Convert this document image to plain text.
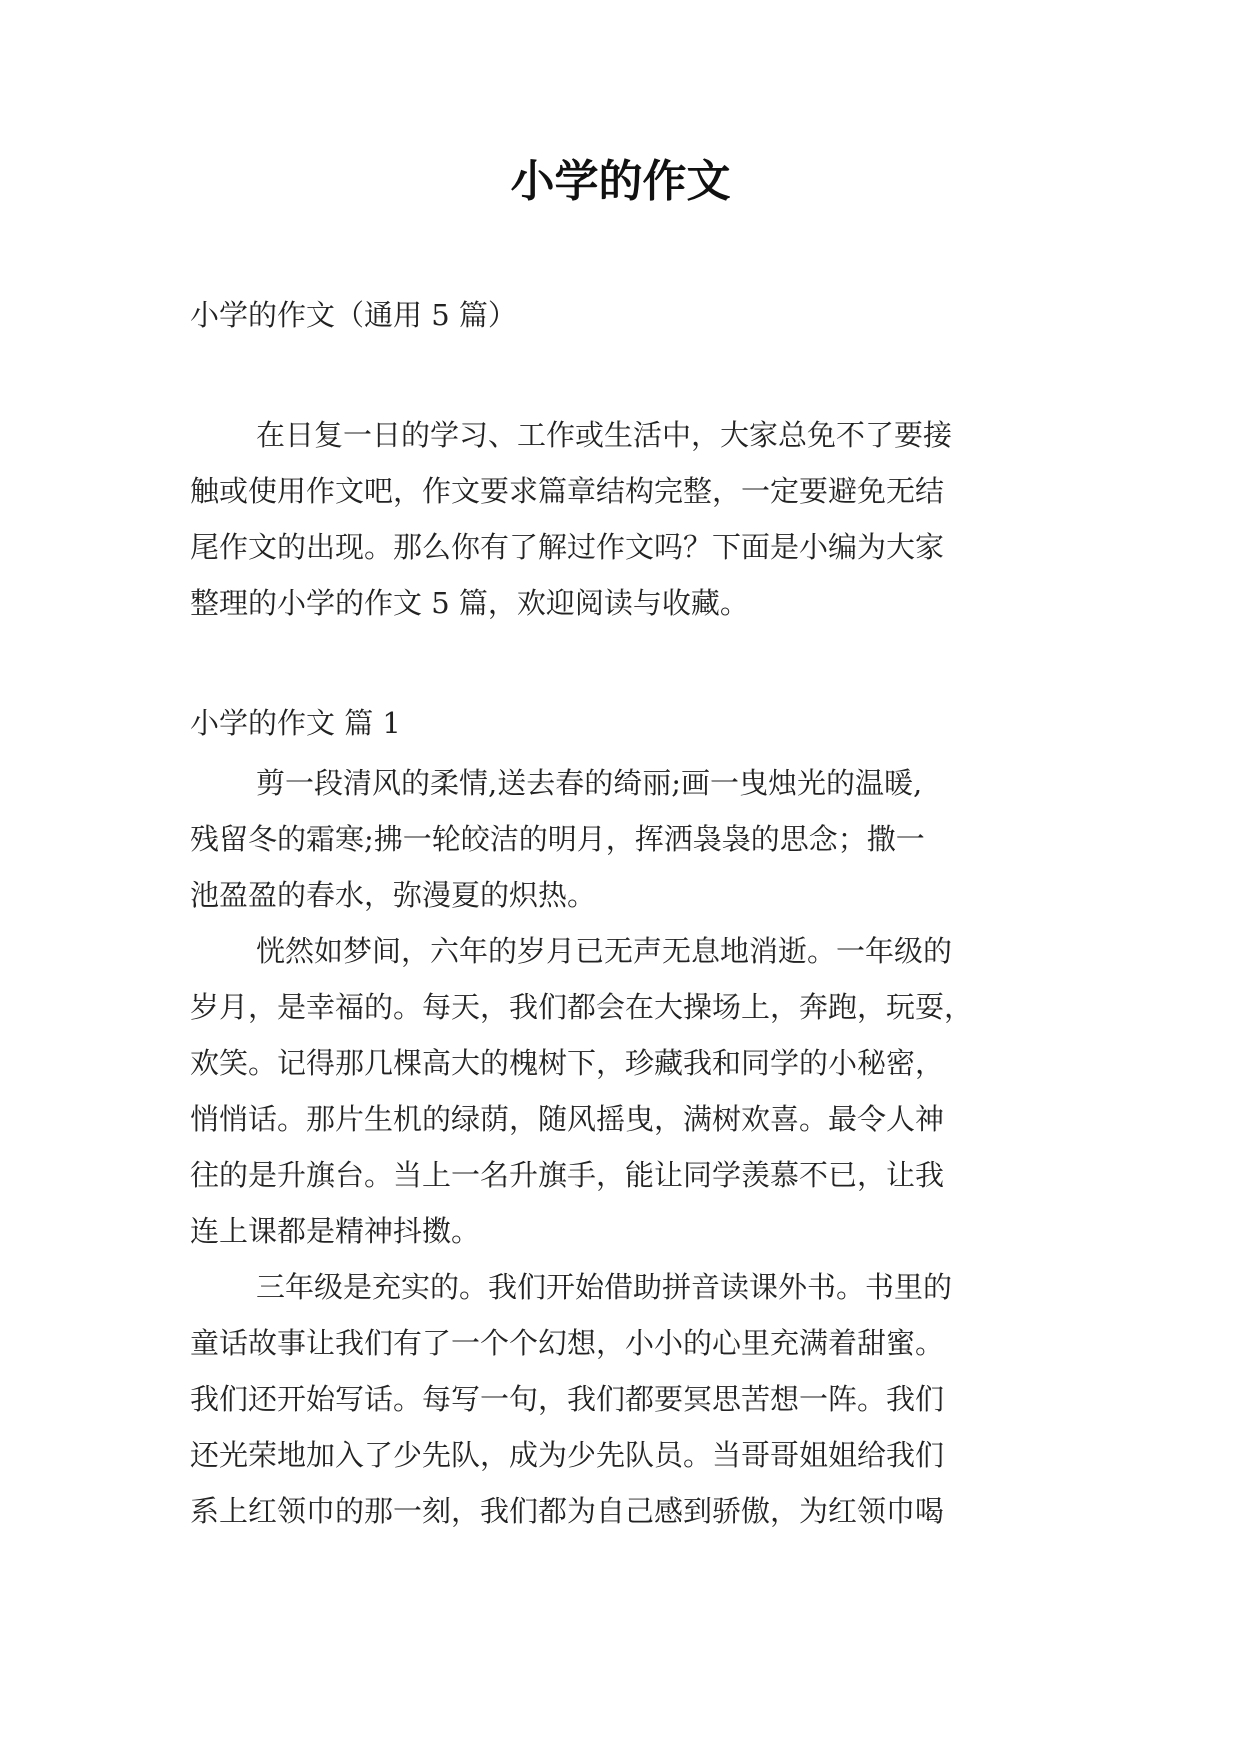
小学的作文

小学的作文（通用 5 篇）

在日复一日的学习、工作或生活中，大家总免不了要接
触或使用作文吧，作文要求篇章结构完整，一定要避免无结
尾作文的出现。那么你有了解过作文吗？下面是小编为大家
整理的小学的作文 5 篇，欢迎阅读与收藏。

小学的作文 篇 1

剪一段清风的柔情,送去春的绮丽;画一曳烛光的温暖,
残留冬的霜寒;拂一轮皎洁的明月，挥洒袅袅的思念；撒一
池盈盈的春水，弥漫夏的炽热。

恍然如梦间，六年的岁月已无声无息地消逝。一年级的
岁月，是幸福的。每天，我们都会在大操场上，奔跑，玩耍，
欢笑。记得那几棵高大的槐树下，珍藏我和同学的小秘密，
悄悄话。那片生机的绿荫，随风摇曳，满树欢喜。最令人神
往的是升旗台。当上一名升旗手，能让同学羡慕不已，让我
连上课都是精神抖擞。

三年级是充实的。我们开始借助拼音读课外书。书里的
童话故事让我们有了一个个幻想，小小的心里充满着甜蜜。
我们还开始写话。每写一句，我们都要冥思苦想一阵。我们
还光荣地加入了少先队，成为少先队员。当哥哥姐姐给我们
系上红领巾的那一刻，我们都为自己感到骄傲，为红领巾喝
